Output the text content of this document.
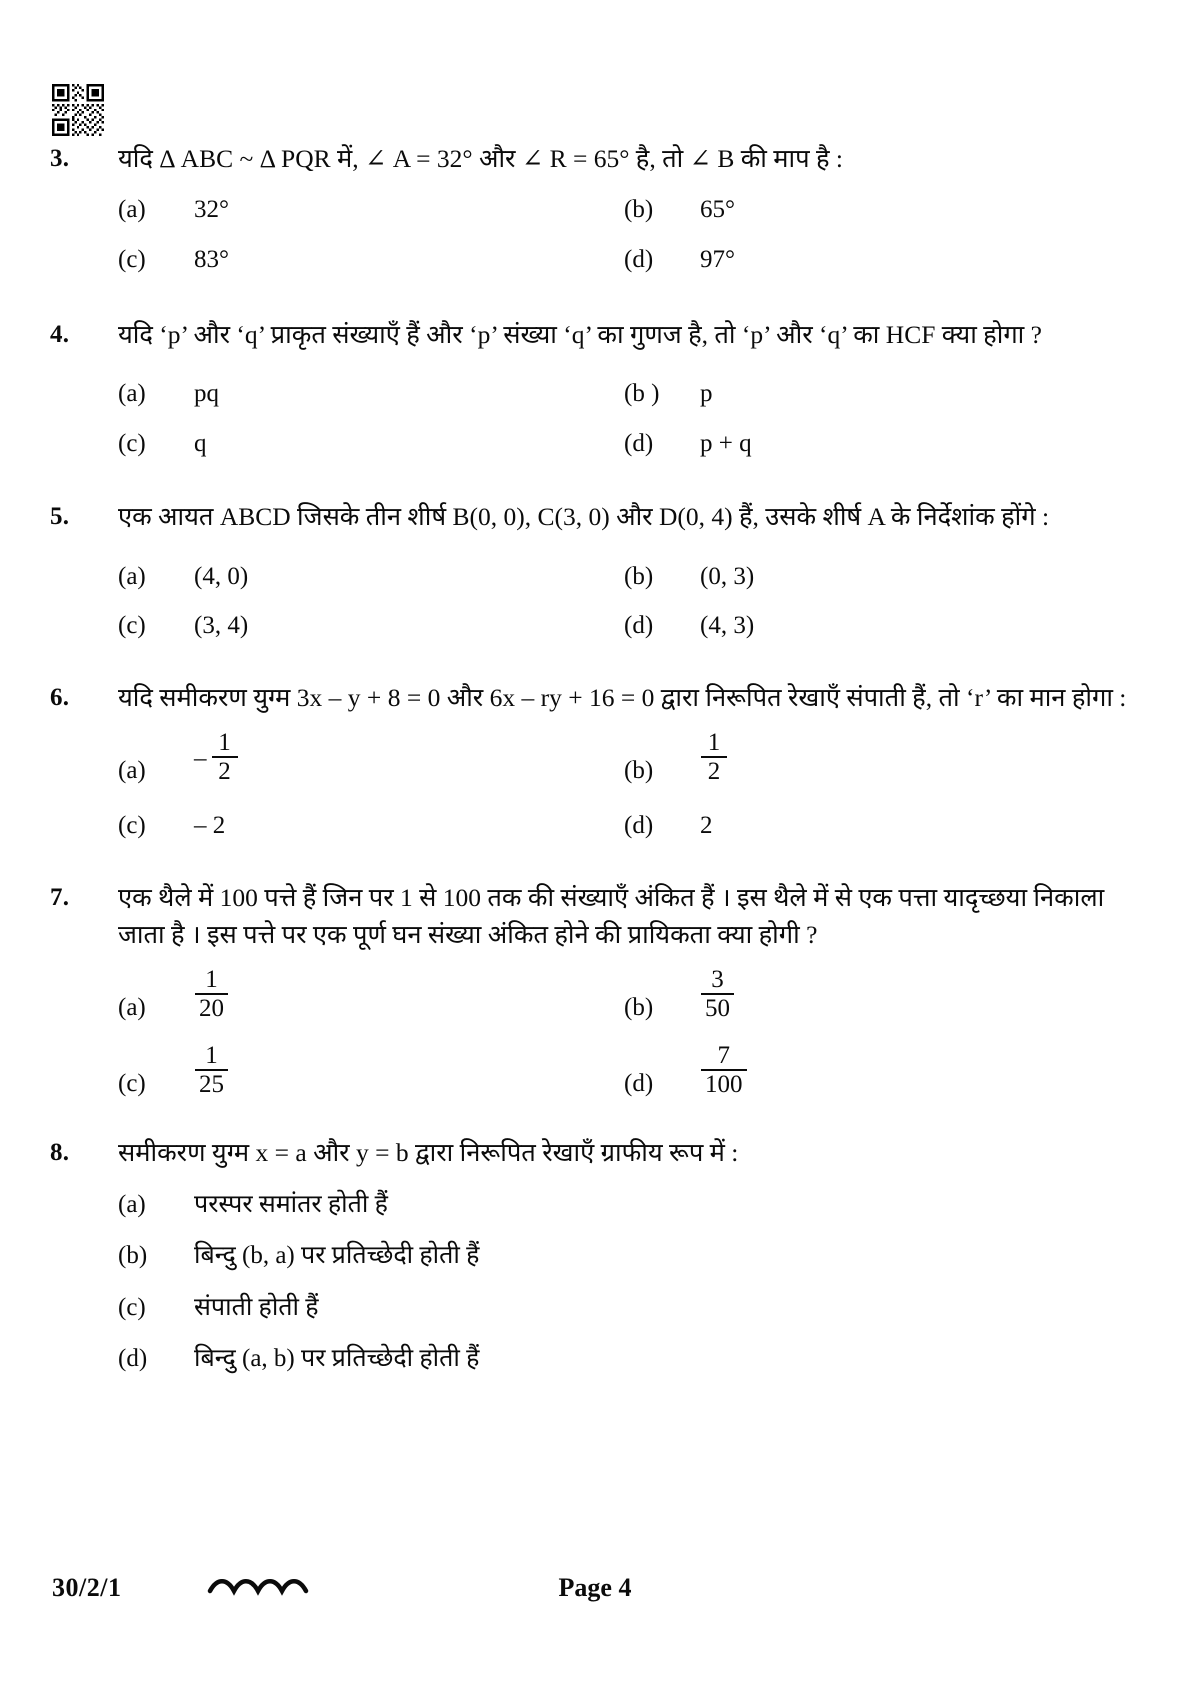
3.	यदि Δ ABC ~ Δ PQR में, ∠ A = 32° और ∠ R = 65° है, तो ∠ B की माप है :
(a)	32°	(b)	65°
(c)	83°	(d)	97°
4.	यदि ‘p’ और ‘q’ प्राकृत संख्याएँ हैं और ‘p’ संख्या ‘q’ का गुणज है, तो ‘p’ और ‘q’ का HCF क्या होगा ?
(a)	pq	(b )	p
(c)	q	(d)	p + q
5.	एक आयत ABCD जिसके तीन शीर्ष B(0, 0), C(3, 0) और D(0, 4) हैं, उसके शीर्ष A के निर्देशांक होंगे :
(a)	(4, 0)	(b)	(0, 3)
(c)	(3, 4)	(d)	(4, 3)
6.	यदि समीकरण युग्म 3x – y + 8 = 0 और 6x – ry + 16 = 0 द्वारा निरूपित रेखाएँ संपाती हैं, तो ‘r’ का मान होगा :
(a)	– $\frac{1}{2}$	(b)	$\frac{1}{2}$
(c)	– 2	(d)	2
7.	एक थैले में 100 पत्ते हैं जिन पर 1 से 100 तक की संख्याएँ अंकित हैं । इस थैले में से एक पत्ता यादृच्छया निकाला जाता है । इस पत्ते पर एक पूर्ण घन संख्या अंकित होने की प्रायिकता क्या होगी ?
(a)	$\frac{1}{20}$	(b)	$\frac{3}{50}$
(c)	$\frac{1}{25}$	(d)	$\frac{7}{100}$
8.	समीकरण युग्म x = a और y = b द्वारा निरूपित रेखाएँ ग्राफीय रूप में :
(a)	परस्पर समांतर होती हैं
(b)	बिन्दु (b, a) पर प्रतिच्छेदी होती हैं
(c)	संपाती होती हैं
(d)	बिन्दु (a, b) पर प्रतिच्छेदी होती हैं
30/2/1	Page 4
